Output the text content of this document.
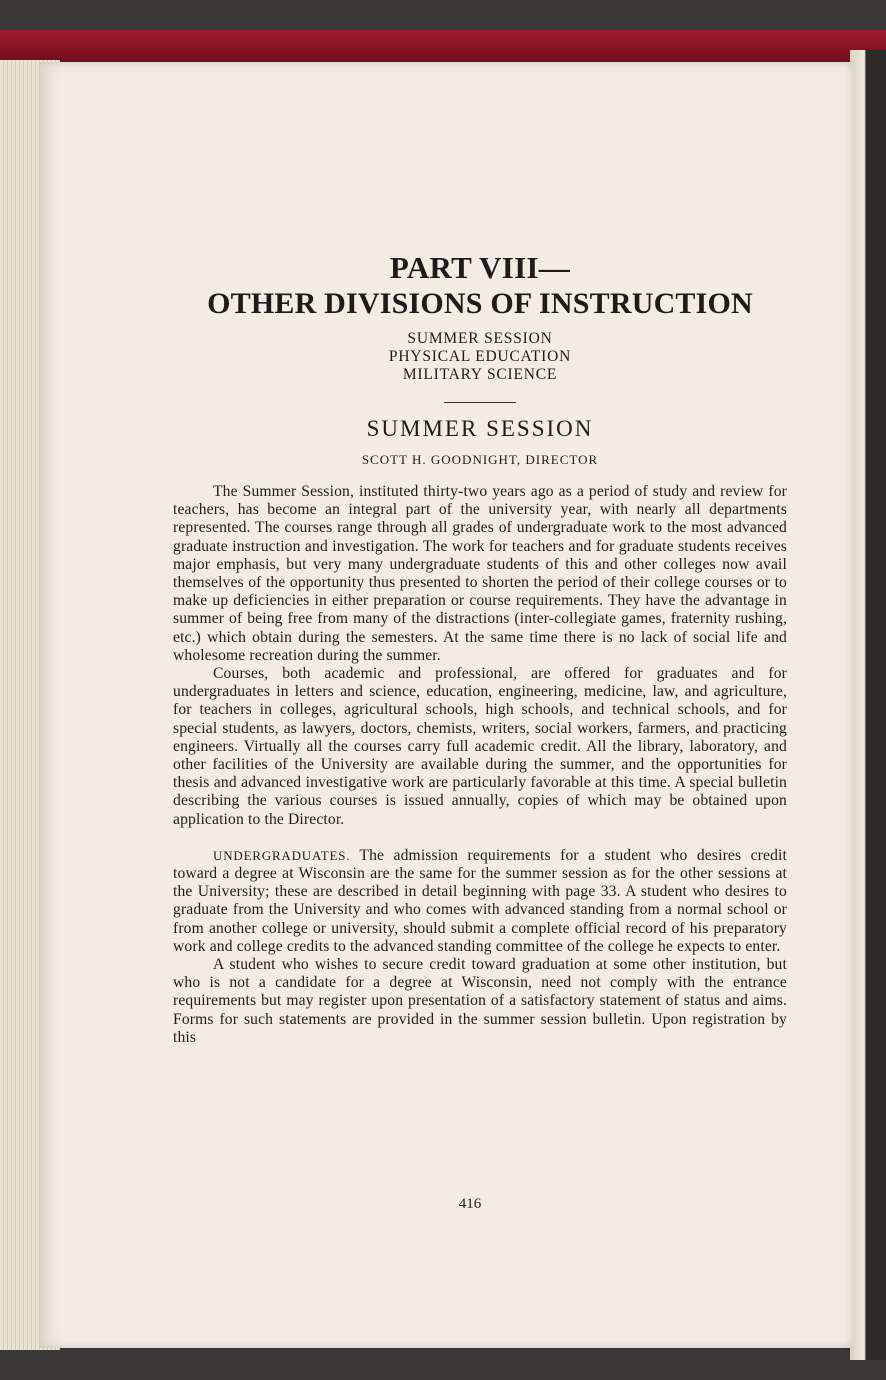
PART VIII—
OTHER DIVISIONS OF INSTRUCTION
SUMMER SESSION
PHYSICAL EDUCATION
MILITARY SCIENCE
SUMMER SESSION
SCOTT H. GOODNIGHT, DIRECTOR

The Summer Session, instituted thirty-two years ago as a period of study and review for teachers, has become an integral part of the university year, with nearly all departments represented. The courses range through all grades of undergraduate work to the most advanced graduate instruction and investigation. The work for teachers and for graduate students receives major emphasis, but very many undergraduate students of this and other colleges now avail themselves of the opportunity thus presented to shorten the period of their college courses or to make up deficiencies in either preparation or course requirements. They have the advantage in summer of being free from many of the distractions (inter-collegiate games, fraternity rushing, etc.) which obtain during the semesters. At the same time there is no lack of social life and wholesome recreation during the summer.

Courses, both academic and professional, are offered for graduates and for undergraduates in letters and science, education, engineering, medicine, law, and agriculture, for teachers in colleges, agricultural schools, high schools, and technical schools, and for special students, as lawyers, doctors, chemists, writers, social workers, farmers, and practicing engineers. Virtually all the courses carry full academic credit. All the library, laboratory, and other facilities of the University are available during the summer, and the opportunities for thesis and advanced investigative work are particularly favorable at this time. A special bulletin describing the various courses is issued annually, copies of which may be obtained upon application to the Director.

UNDERGRADUATES. The admission requirements for a student who desires credit toward a degree at Wisconsin are the same for the summer session as for the other sessions at the University; these are described in detail beginning with page 33. A student who desires to graduate from the University and who comes with advanced standing from a normal school or from another college or university, should submit a complete official record of his preparatory work and college credits to the advanced standing committee of the college he expects to enter.

A student who wishes to secure credit toward graduation at some other institution, but who is not a candidate for a degree at Wisconsin, need not comply with the entrance requirements but may register upon presentation of a satisfactory statement of status and aims. Forms for such statements are provided in the summer session bulletin. Upon registration by this

416
